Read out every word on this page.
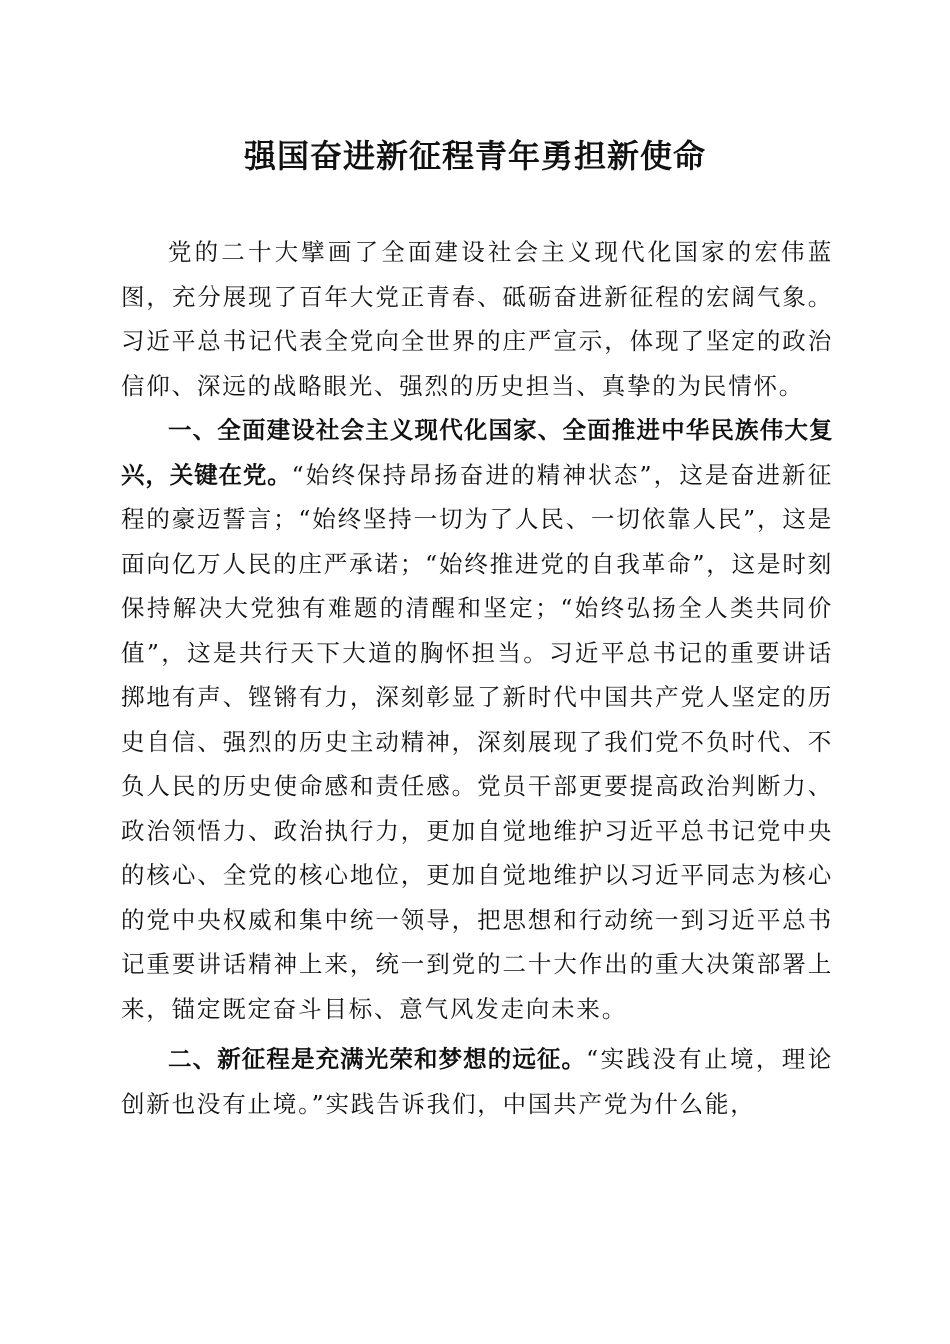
强国奋进新征程青年勇担新使命

党的二十大擘画了全面建设社会主义现代化国家的宏伟蓝图，充分展现了百年大党正青春、砥砺奋进新征程的宏阔气象。习近平总书记代表全党向全世界的庄严宣示，体现了坚定的政治信仰、深远的战略眼光、强烈的历史担当、真挚的为民情怀。

一、全面建设社会主义现代化国家、全面推进中华民族伟大复兴，关键在党。“始终保持昂扬奋进的精神状态”，这是奋进新征程的豪迈誓言；“始终坚持一切为了人民、一切依靠人民”，这是面向亿万人民的庄严承诺；“始终推进党的自我革命”，这是时刻保持解决大党独有难题的清醒和坚定；“始终弘扬全人类共同价值”，这是共行天下大道的胸怀担当。习近平总书记的重要讲话掷地有声、铿锵有力，深刻彰显了新时代中国共产党人坚定的历史自信、强烈的历史主动精神，深刻展现了我们党不负时代、不负人民的历史使命感和责任感。党员干部更要提高政治判断力、政治领悟力、政治执行力，更加自觉地维护习近平总书记党中央的核心、全党的核心地位，更加自觉地维护以习近平同志为核心的党中央权威和集中统一领导，把思想和行动统一到习近平总书记重要讲话精神上来，统一到党的二十大作出的重大决策部署上来，锚定既定奋斗目标、意气风发走向未来。

二、新征程是充满光荣和梦想的远征。“实践没有止境，理论创新也没有止境。”实践告诉我们，中国共产党为什么能，
